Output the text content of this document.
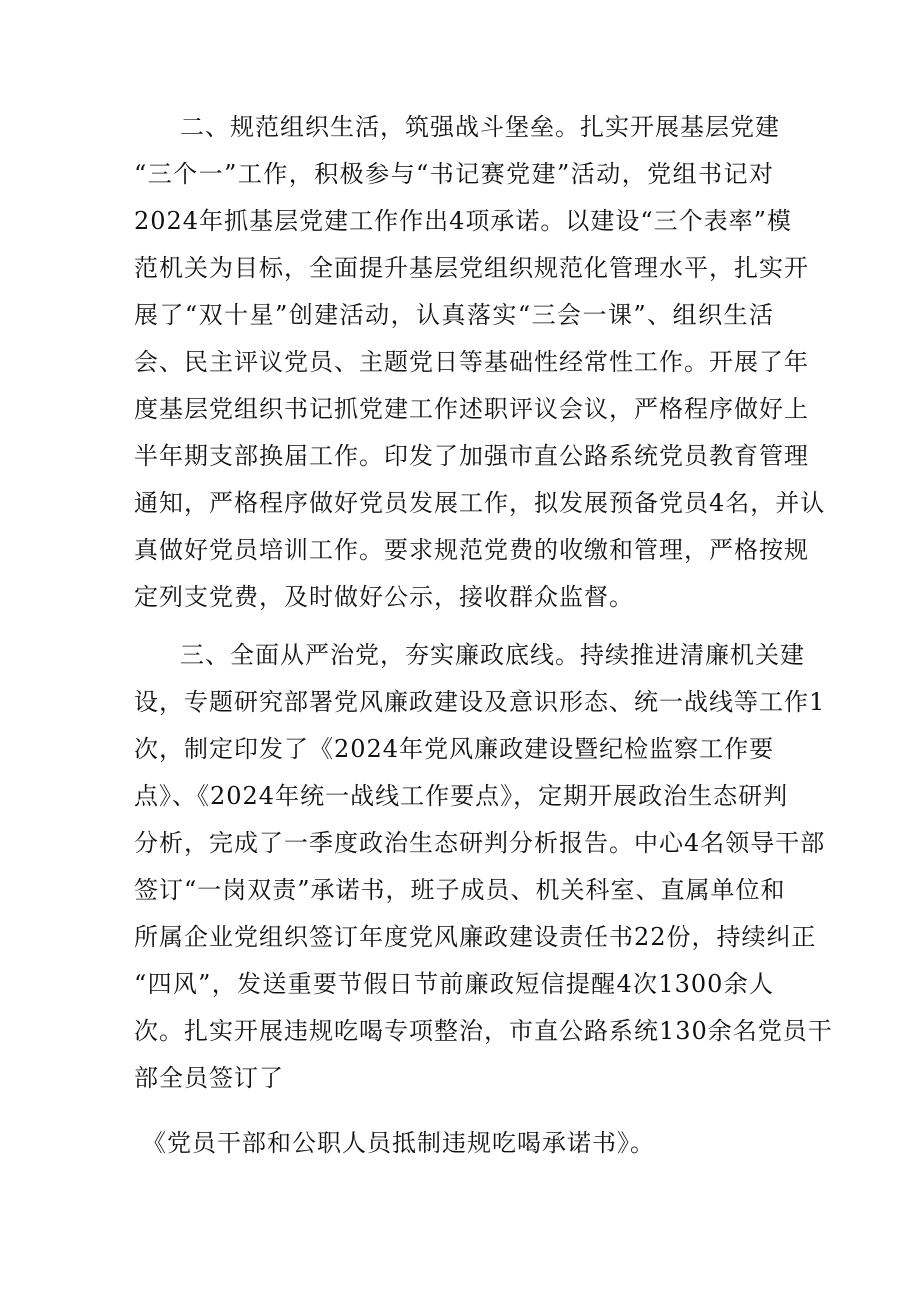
二、规范组织生活，筑强战斗堡垒。扎实开展基层党建
“三个一”工作，积极参与“书记赛党建”活动，党组书记对
2024年抓基层党建工作作出4项承诺。以建设“三个表率”模
范机关为目标，全面提升基层党组织规范化管理水平，扎实开
展了“双十星”创建活动，认真落实“三会一课”、组织生活
会、民主评议党员、主题党日等基础性经常性工作。开展了年
度基层党组织书记抓党建工作述职评议会议，严格程序做好上
半年期支部换届工作。印发了加强市直公路系统党员教育管理
通知，严格程序做好党员发展工作，拟发展预备党员4名，并认
真做好党员培训工作。要求规范党费的收缴和管理，严格按规
定列支党费，及时做好公示，接收群众监督。
三、全面从严治党，夯实廉政底线。持续推进清廉机关建
设，专题研究部署党风廉政建设及意识形态、统一战线等工作1
次，制定印发了《2024年党风廉政建设暨纪检监察工作要
点》、《2024年统一战线工作要点》，定期开展政治生态研判
分析，完成了一季度政治生态研判分析报告。中心4名领导干部
签订“一岗双责”承诺书，班子成员、机关科室、直属单位和
所属企业党组织签订年度党风廉政建设责任书22份，持续纠正
“四风”，发送重要节假日节前廉政短信提醒4次1300余人
次。扎实开展违规吃喝专项整治，市直公路系统130余名党员干
部全员签订了
《党员干部和公职人员抵制违规吃喝承诺书》。
